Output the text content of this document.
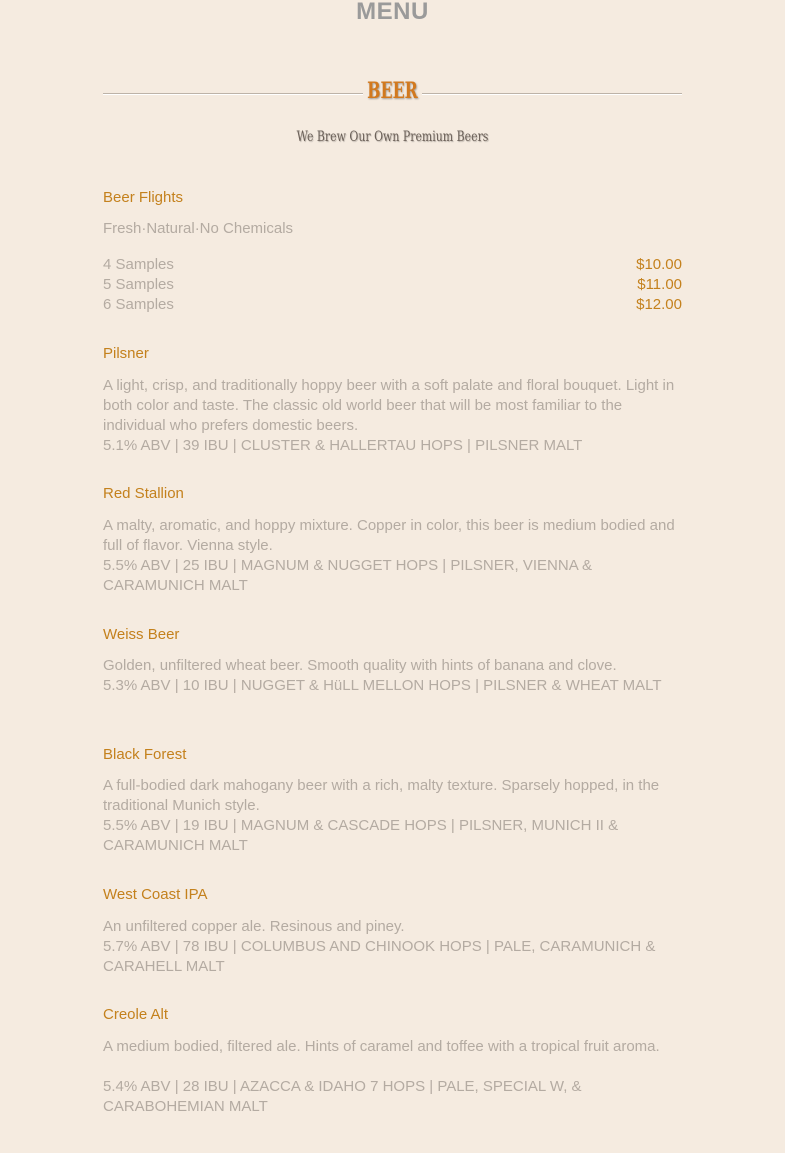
MENU
BEER
We Brew Our Own Premium Beers
Beer Flights
Fresh·Natural·No Chemicals
4 Samples	$10.00
5 Samples	$11.00
6 Samples	$12.00
Pilsner
A light, crisp, and traditionally hoppy beer with a soft palate and floral bouquet. Light in both color and taste. The classic old world beer that will be most familiar to the individual who prefers domestic beers.
5.1% ABV | 39 IBU | CLUSTER & HALLERTAU HOPS | PILSNER MALT
Red Stallion
A malty, aromatic, and hoppy mixture. Copper in color, this beer is medium bodied and full of flavor. Vienna style.
5.5% ABV | 25 IBU | MAGNUM & NUGGET HOPS | PILSNER, VIENNA & CARAMUNICH MALT
Weiss Beer
Golden, unfiltered wheat beer. Smooth quality with hints of banana and clove.
5.3% ABV | 10 IBU | NUGGET & HüLL MELLON HOPS | PILSNER & WHEAT MALT
Black Forest
A full-bodied dark mahogany beer with a rich, malty texture. Sparsely hopped, in the traditional Munich style.
5.5% ABV | 19 IBU | MAGNUM & CASCADE HOPS | PILSNER, MUNICH II & CARAMUNICH MALT
West Coast IPA
An unfiltered copper ale. Resinous and piney.
5.7% ABV | 78 IBU | COLUMBUS AND CHINOOK HOPS | PALE, CARAMUNICH & CARAHELL MALT
Creole Alt
A medium bodied, filtered ale. Hints of caramel and toffee with a tropical fruit aroma.
5.4% ABV | 28 IBU | AZACCA & IDAHO 7 HOPS | PALE, SPECIAL W, & CARABOHEMIAN MALT
